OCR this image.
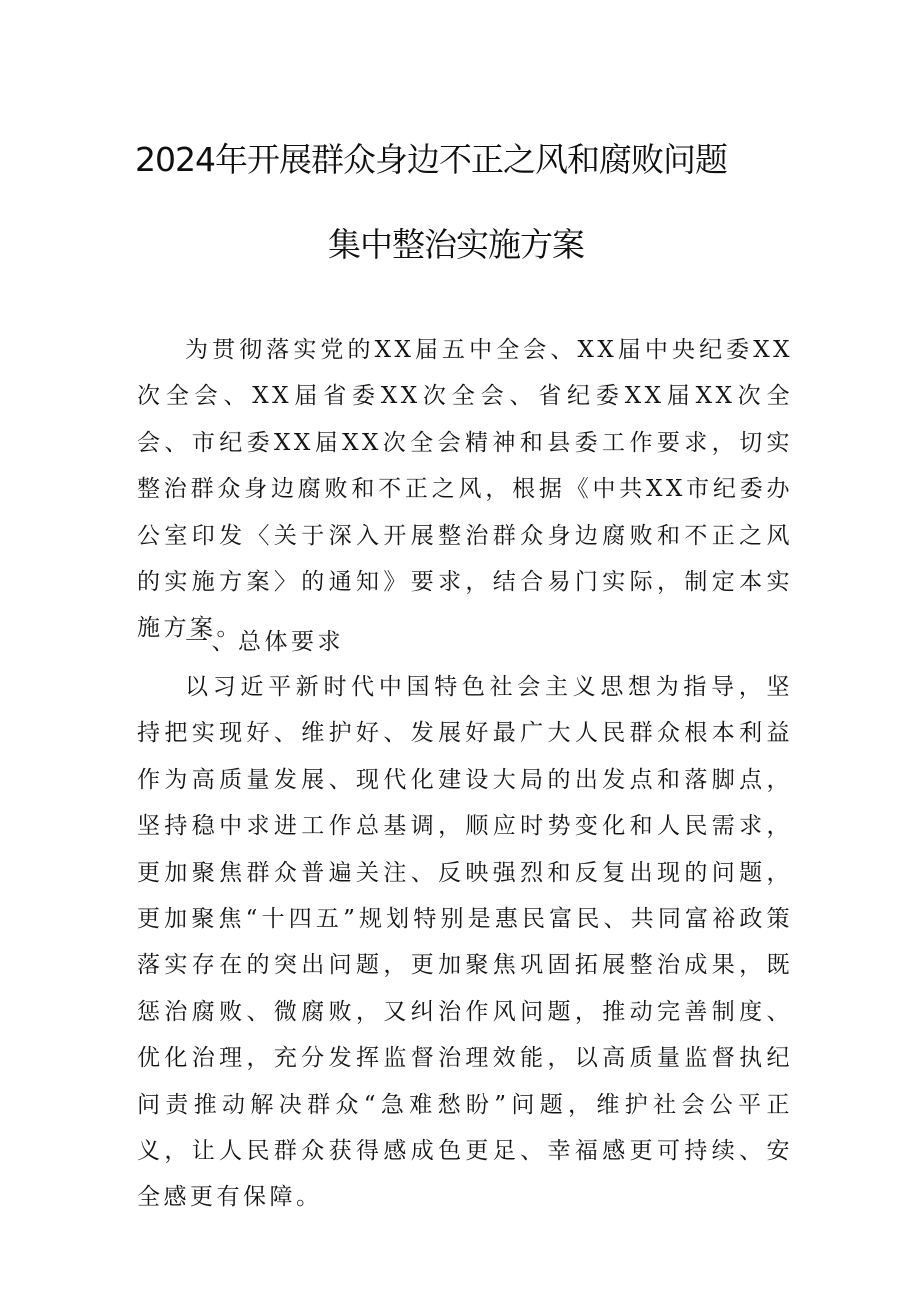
2024年开展群众身边不正之风和腐败问题
集中整治实施方案

为贯彻落实党的XX届五中全会、XX届中央纪委XX次全会、XX届省委XX次全会、省纪委XX届XX次全会、市纪委XX届XX次全会精神和县委工作要求，切实整治群众身边腐败和不正之风，根据《中共XX市纪委办公室印发〈关于深入开展整治群众身边腐败和不正之风的实施方案〉的通知》要求，结合易门实际，制定本实施方案。

一、总体要求

以习近平新时代中国特色社会主义思想为指导，坚持把实现好、维护好、发展好最广大人民群众根本利益作为高质量发展、现代化建设大局的出发点和落脚点，坚持稳中求进工作总基调，顺应时势变化和人民需求，更加聚焦群众普遍关注、反映强烈和反复出现的问题，更加聚焦“十四五”规划特别是惠民富民、共同富裕政策落实存在的突出问题，更加聚焦巩固拓展整治成果，既惩治腐败、微腐败，又纠治作风问题，推动完善制度、优化治理，充分发挥监督治理效能，以高质量监督执纪问责推动解决群众“急难愁盼”问题，维护社会公平正义，让人民群众获得感成色更足、幸福感更可持续、安全感更有保障。
